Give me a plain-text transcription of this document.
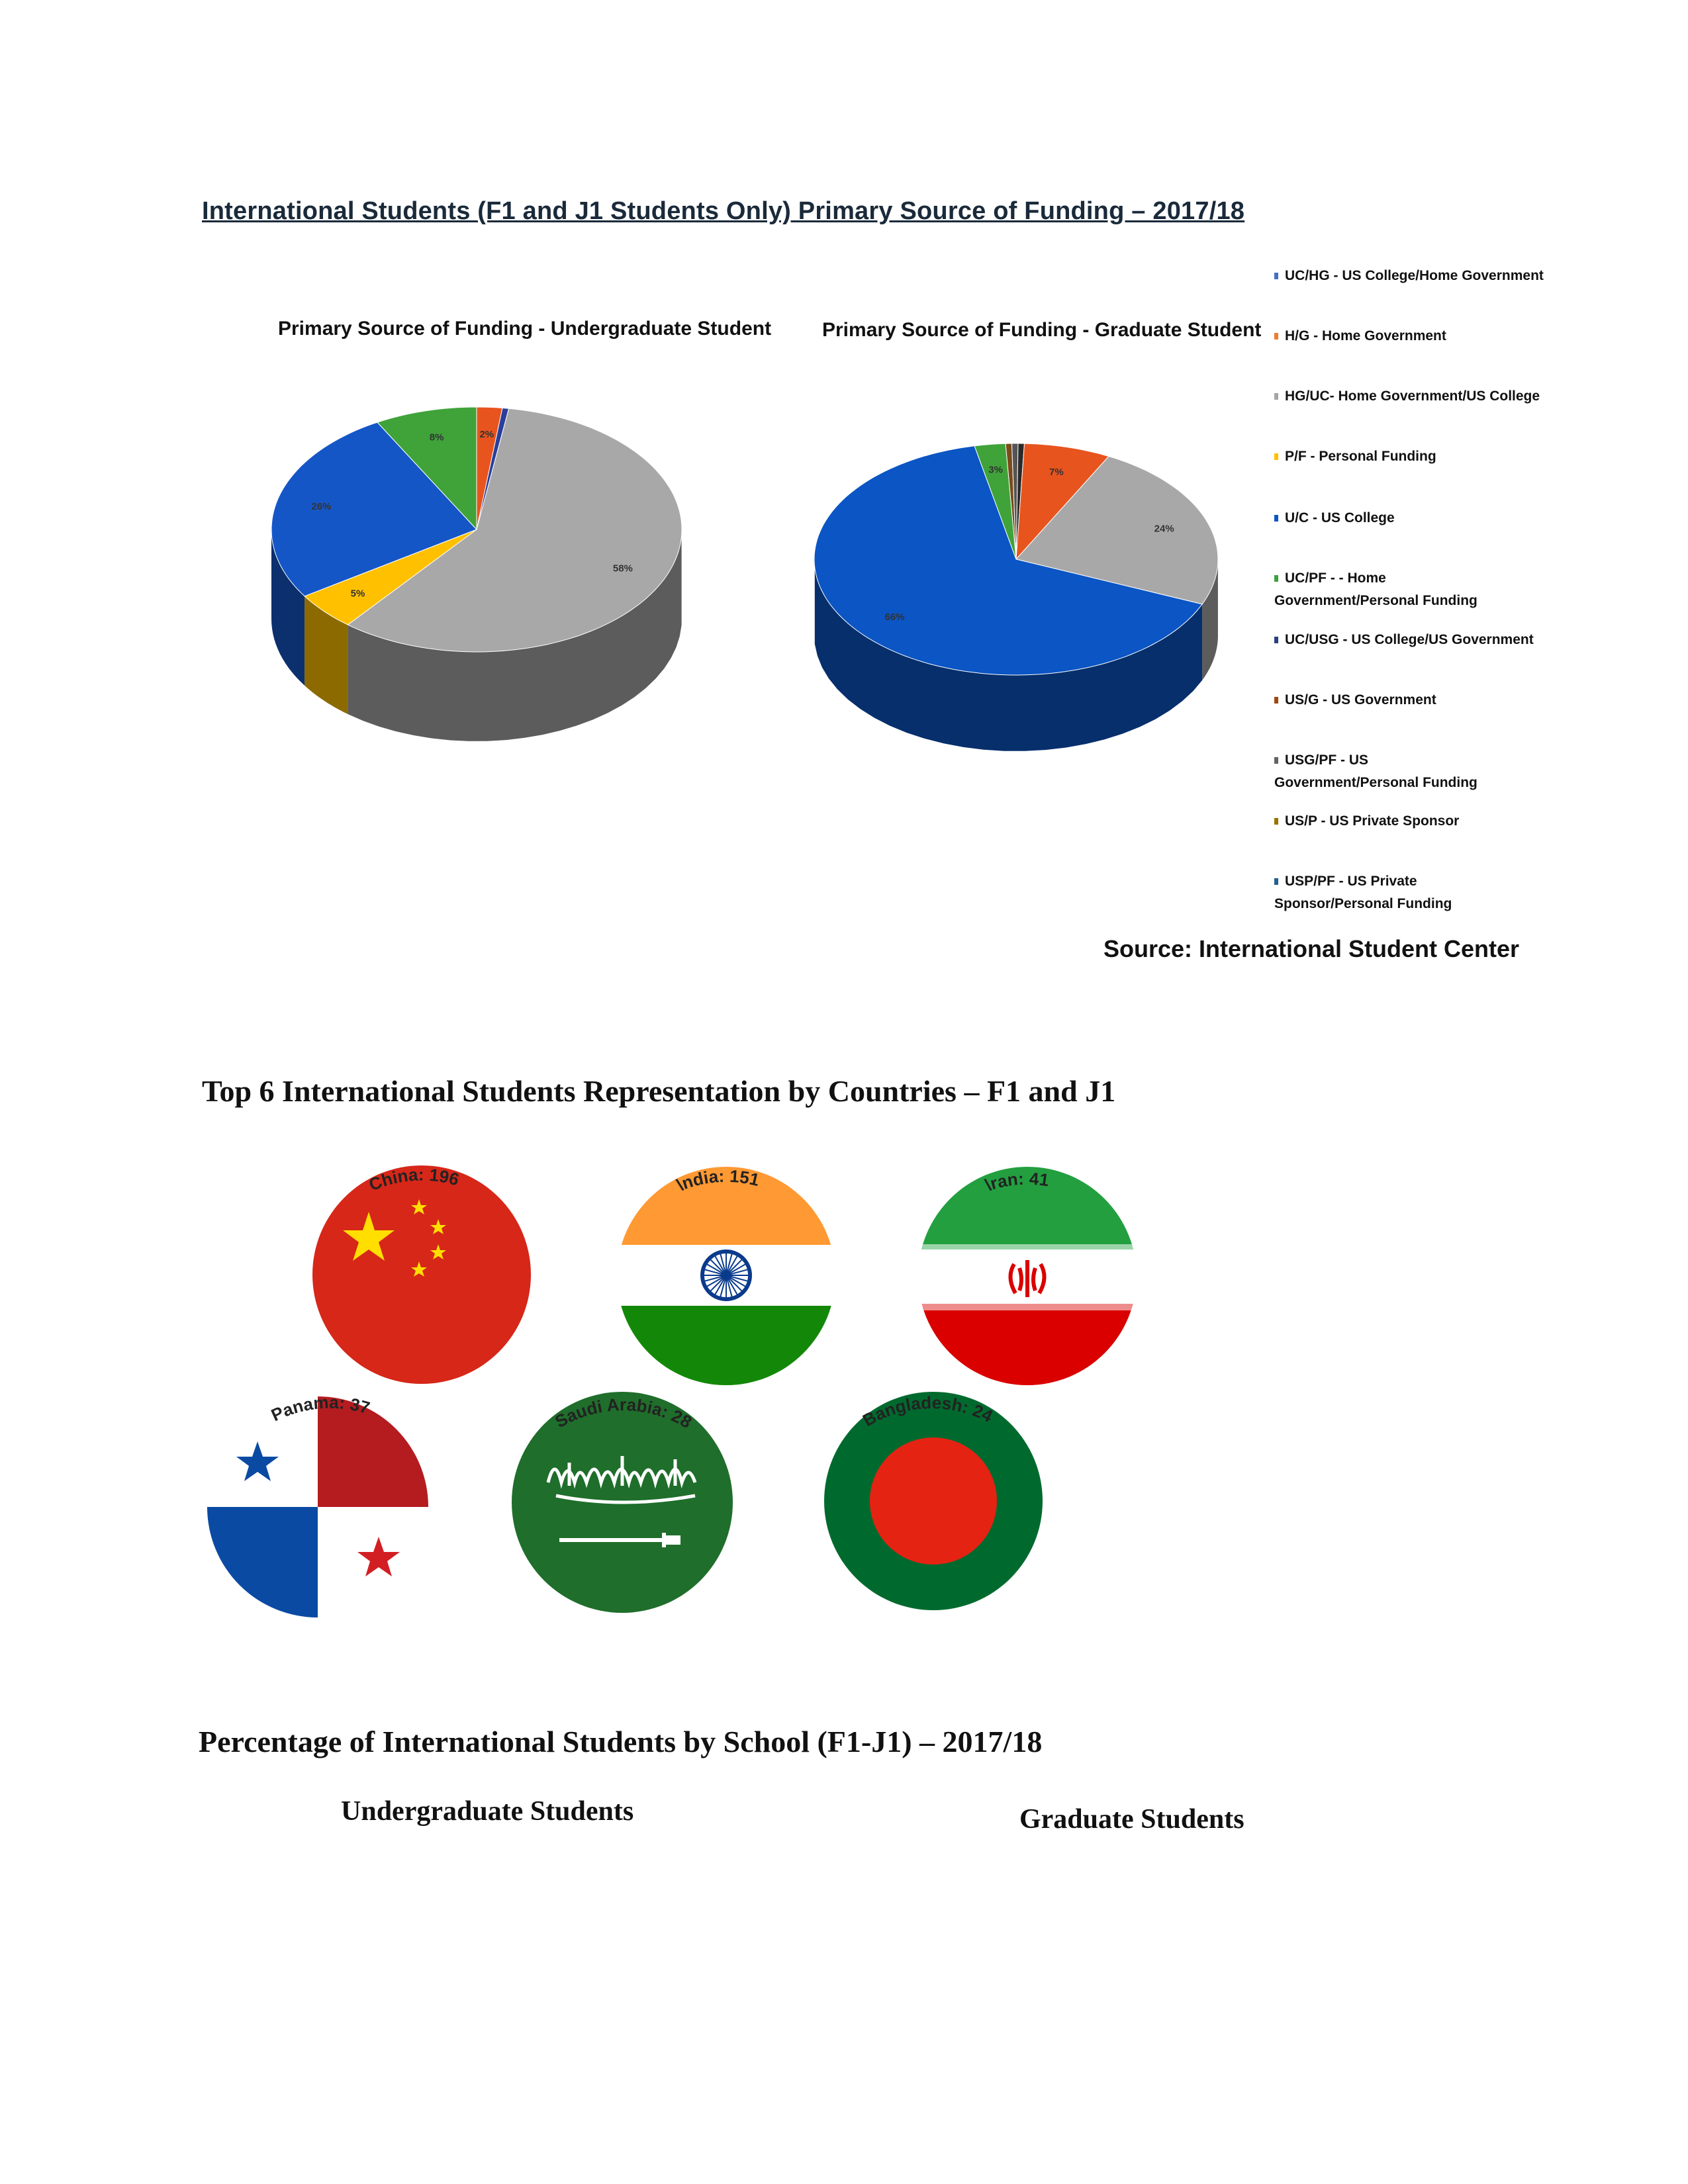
International Students (F1 and J1 Students Only) Primary Source of Funding – 2017/18
Primary Source of Funding - Undergraduate Student	Primary Source of Funding - Graduate Student
2%
58%
5%
26%
8%
7%
24%
66%
3%
UC/HG - US College/Home Government
H/G - Home Government
HG/UC- Home Government/US College
P/F - Personal Funding
U/C - US College
UC/PF - - Home Government/Personal Funding
UC/USG - US College/US Government
US/G - US Government
USG/PF - US Government/Personal Funding
US/P - US Private Sponsor
USP/PF - US Private Sponsor/Personal Funding
Source: International Student Center
Top 6 International Students Representation by Countries – F1 and J1
China: 196	\ndia: 151	\ran: 41
Panama: 37
Saudi Arabia: 28	Bangladesh: 24
Percentage of International Students by School (F1-J1) – 2017/18
Undergraduate Students	Graduate Students
